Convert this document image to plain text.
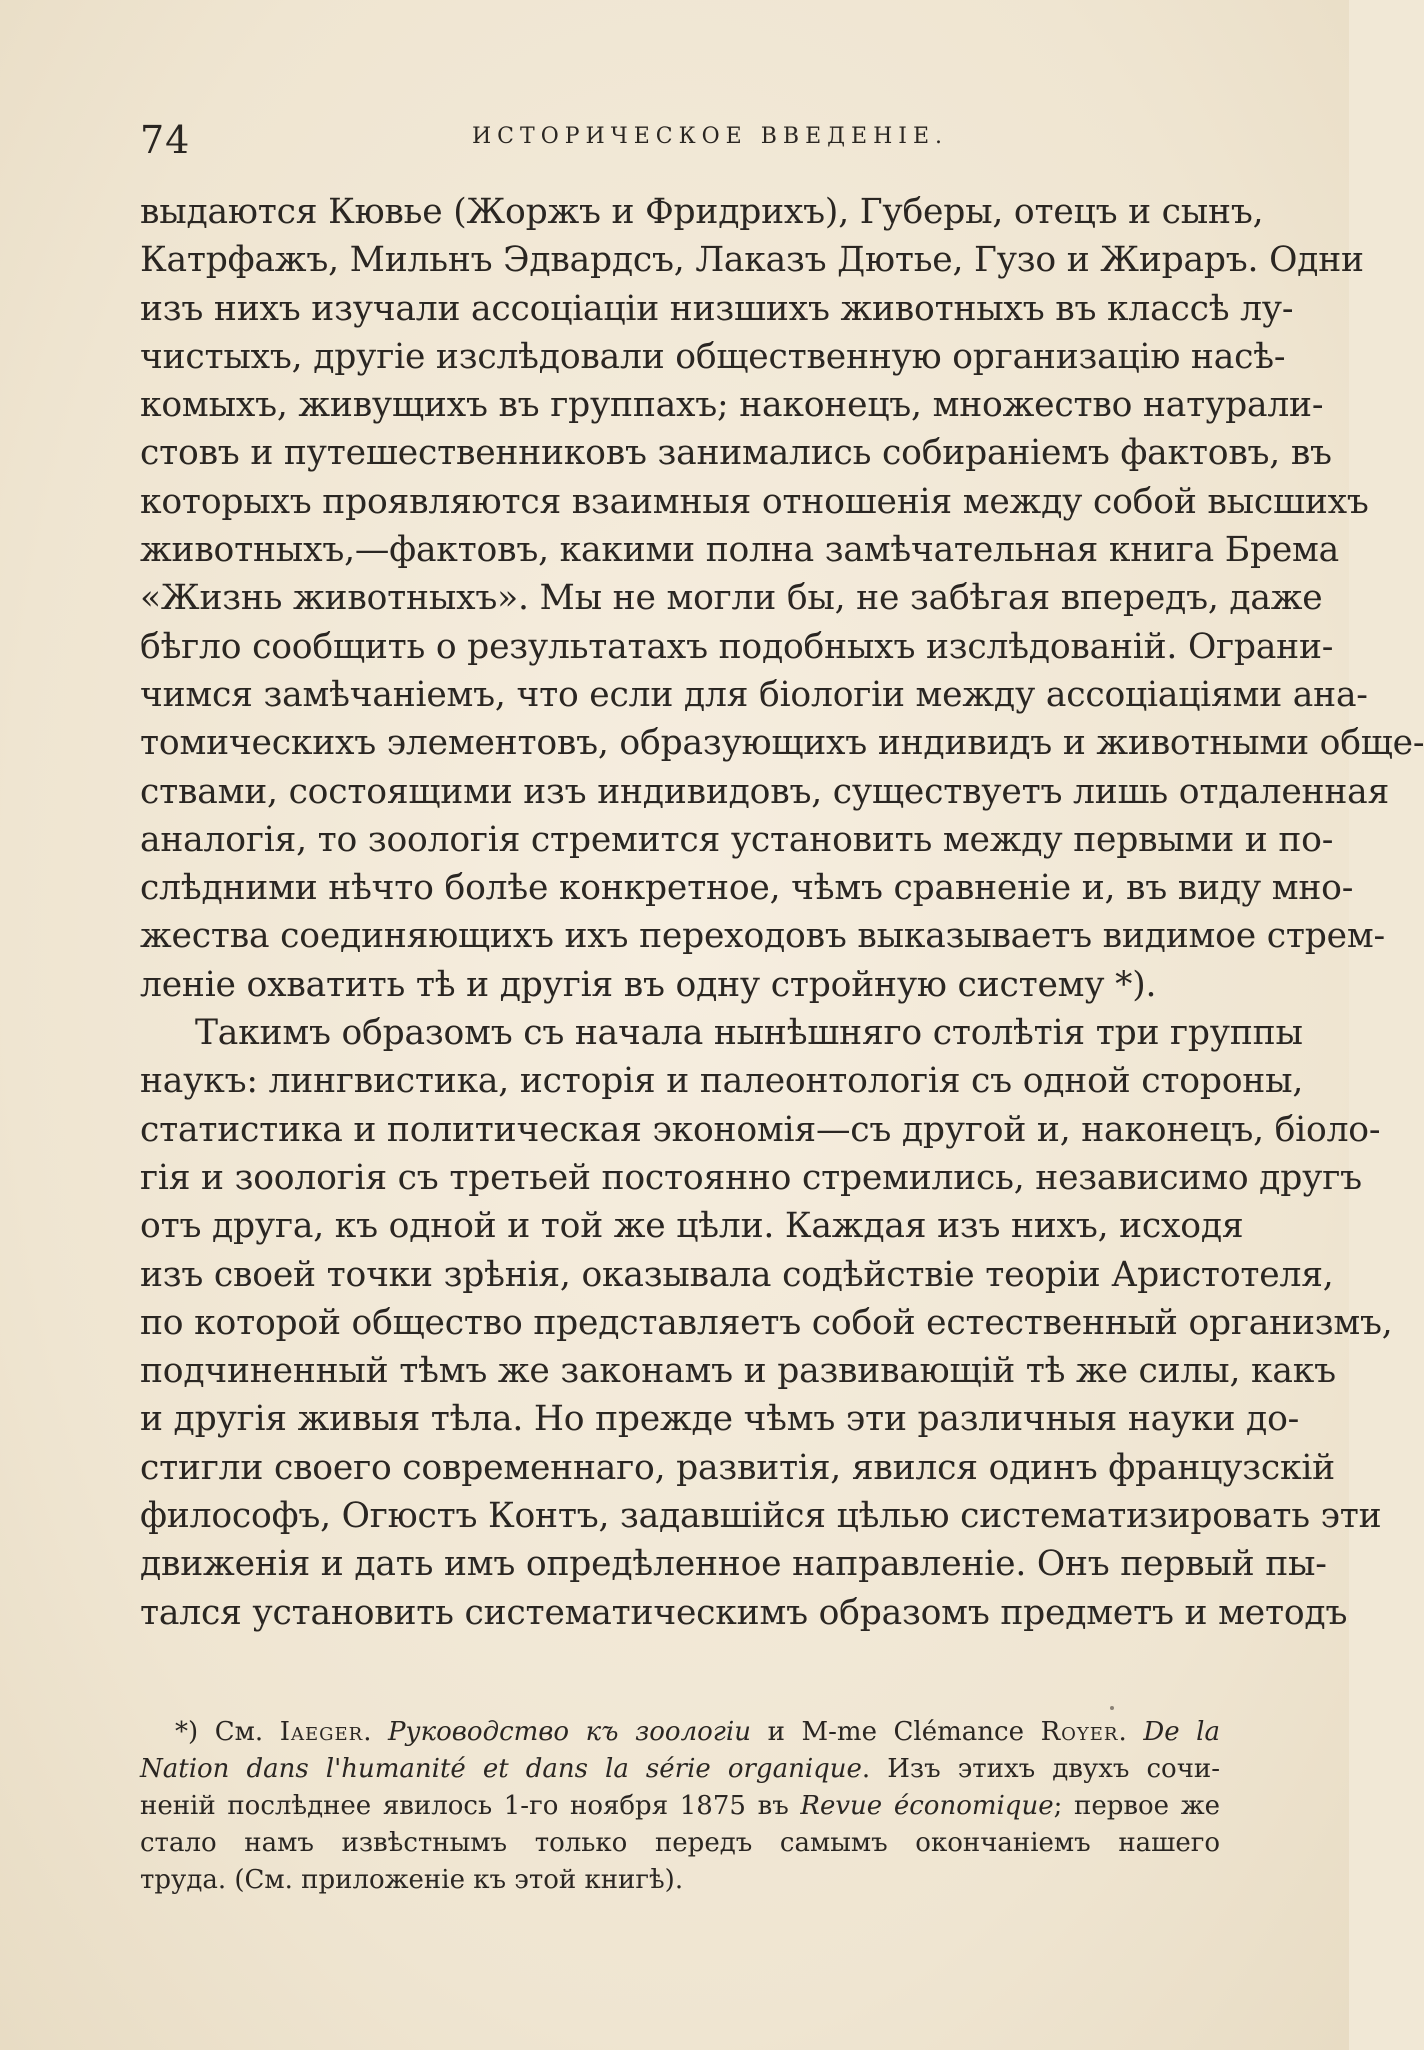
74	ИСТОРИЧЕСКОЕ ВВЕДЕНІЕ.

выдаются Кювье (Жоржъ и Фридрихъ), Губеры, отецъ и сынъ,
Катрфажъ, Мильнъ Эдвардсъ, Лаказъ Дютье, Гузо и Жираръ. Одни
изъ нихъ изучали ассоціаціи низшихъ животныхъ въ классѣ лу-
чистыхъ, другіе изслѣдовали общественную организацію насѣ-
комыхъ, живущихъ въ группахъ; наконецъ, множество натурали-
стовъ и путешественниковъ занимались собираніемъ фактовъ, въ
которыхъ проявляются взаимныя отношенія между собой высшихъ
животныхъ,—фактовъ, какими полна замѣчательная книга Брема
«Жизнь животныхъ». Мы не могли бы, не забѣгая впередъ, даже
бѣгло сообщить о результатахъ подобныхъ изслѣдованій. Ограни-
чимся замѣчаніемъ, что если для біологіи между ассоціаціями ана-
томическихъ элементовъ, образующихъ индивидъ и животными обще-
ствами, состоящими изъ индивидовъ, существуетъ лишь отдаленная
аналогія, то зоологія стремится установить между первыми и по-
слѣдними нѣчто болѣе конкретное, чѣмъ сравненіе и, въ виду мно-
жества соединяющихъ ихъ переходовъ выказываетъ видимое стрем-
леніе охватить тѣ и другія въ одну стройную систему *).

Такимъ образомъ съ начала нынѣшняго столѣтія три группы
наукъ: лингвистика, исторія и палеонтологія съ одной стороны,
статистика и политическая экономія—съ другой и, наконецъ, біоло-
гія и зоологія съ третьей постоянно стремились, независимо другъ
отъ друга, къ одной и той же цѣли. Каждая изъ нихъ, исходя
изъ своей точки зрѣнія, оказывала содѣйствіе теоріи Аристотеля,
по которой общество представляетъ собой естественный организмъ,
подчиненный тѣмъ же законамъ и развивающій тѣ же силы, какъ
и другія живыя тѣла. Но прежде чѣмъ эти различныя науки до-
стигли своего современнаго, развитія, явился одинъ французскій
философъ, Огюстъ Контъ, задавшійся цѣлью систематизировать эти
движенія и дать имъ опредѣленное направленіе. Онъ первый пы-
тался установить систематическимъ образомъ предметъ и методъ

*) См. Iaeger. Руководство къ зоологіи и M-me Clémance Royer. De la
Nation dans l'humanité et dans la série organique. Изъ этихъ двухъ сочи-
неній послѣднее явилось 1-го ноября 1875 въ Revue économique; первое же
стало намъ извѣстнымъ только передъ самымъ окончаніемъ нашего
труда. (См. приложеніе къ этой книгѣ).
